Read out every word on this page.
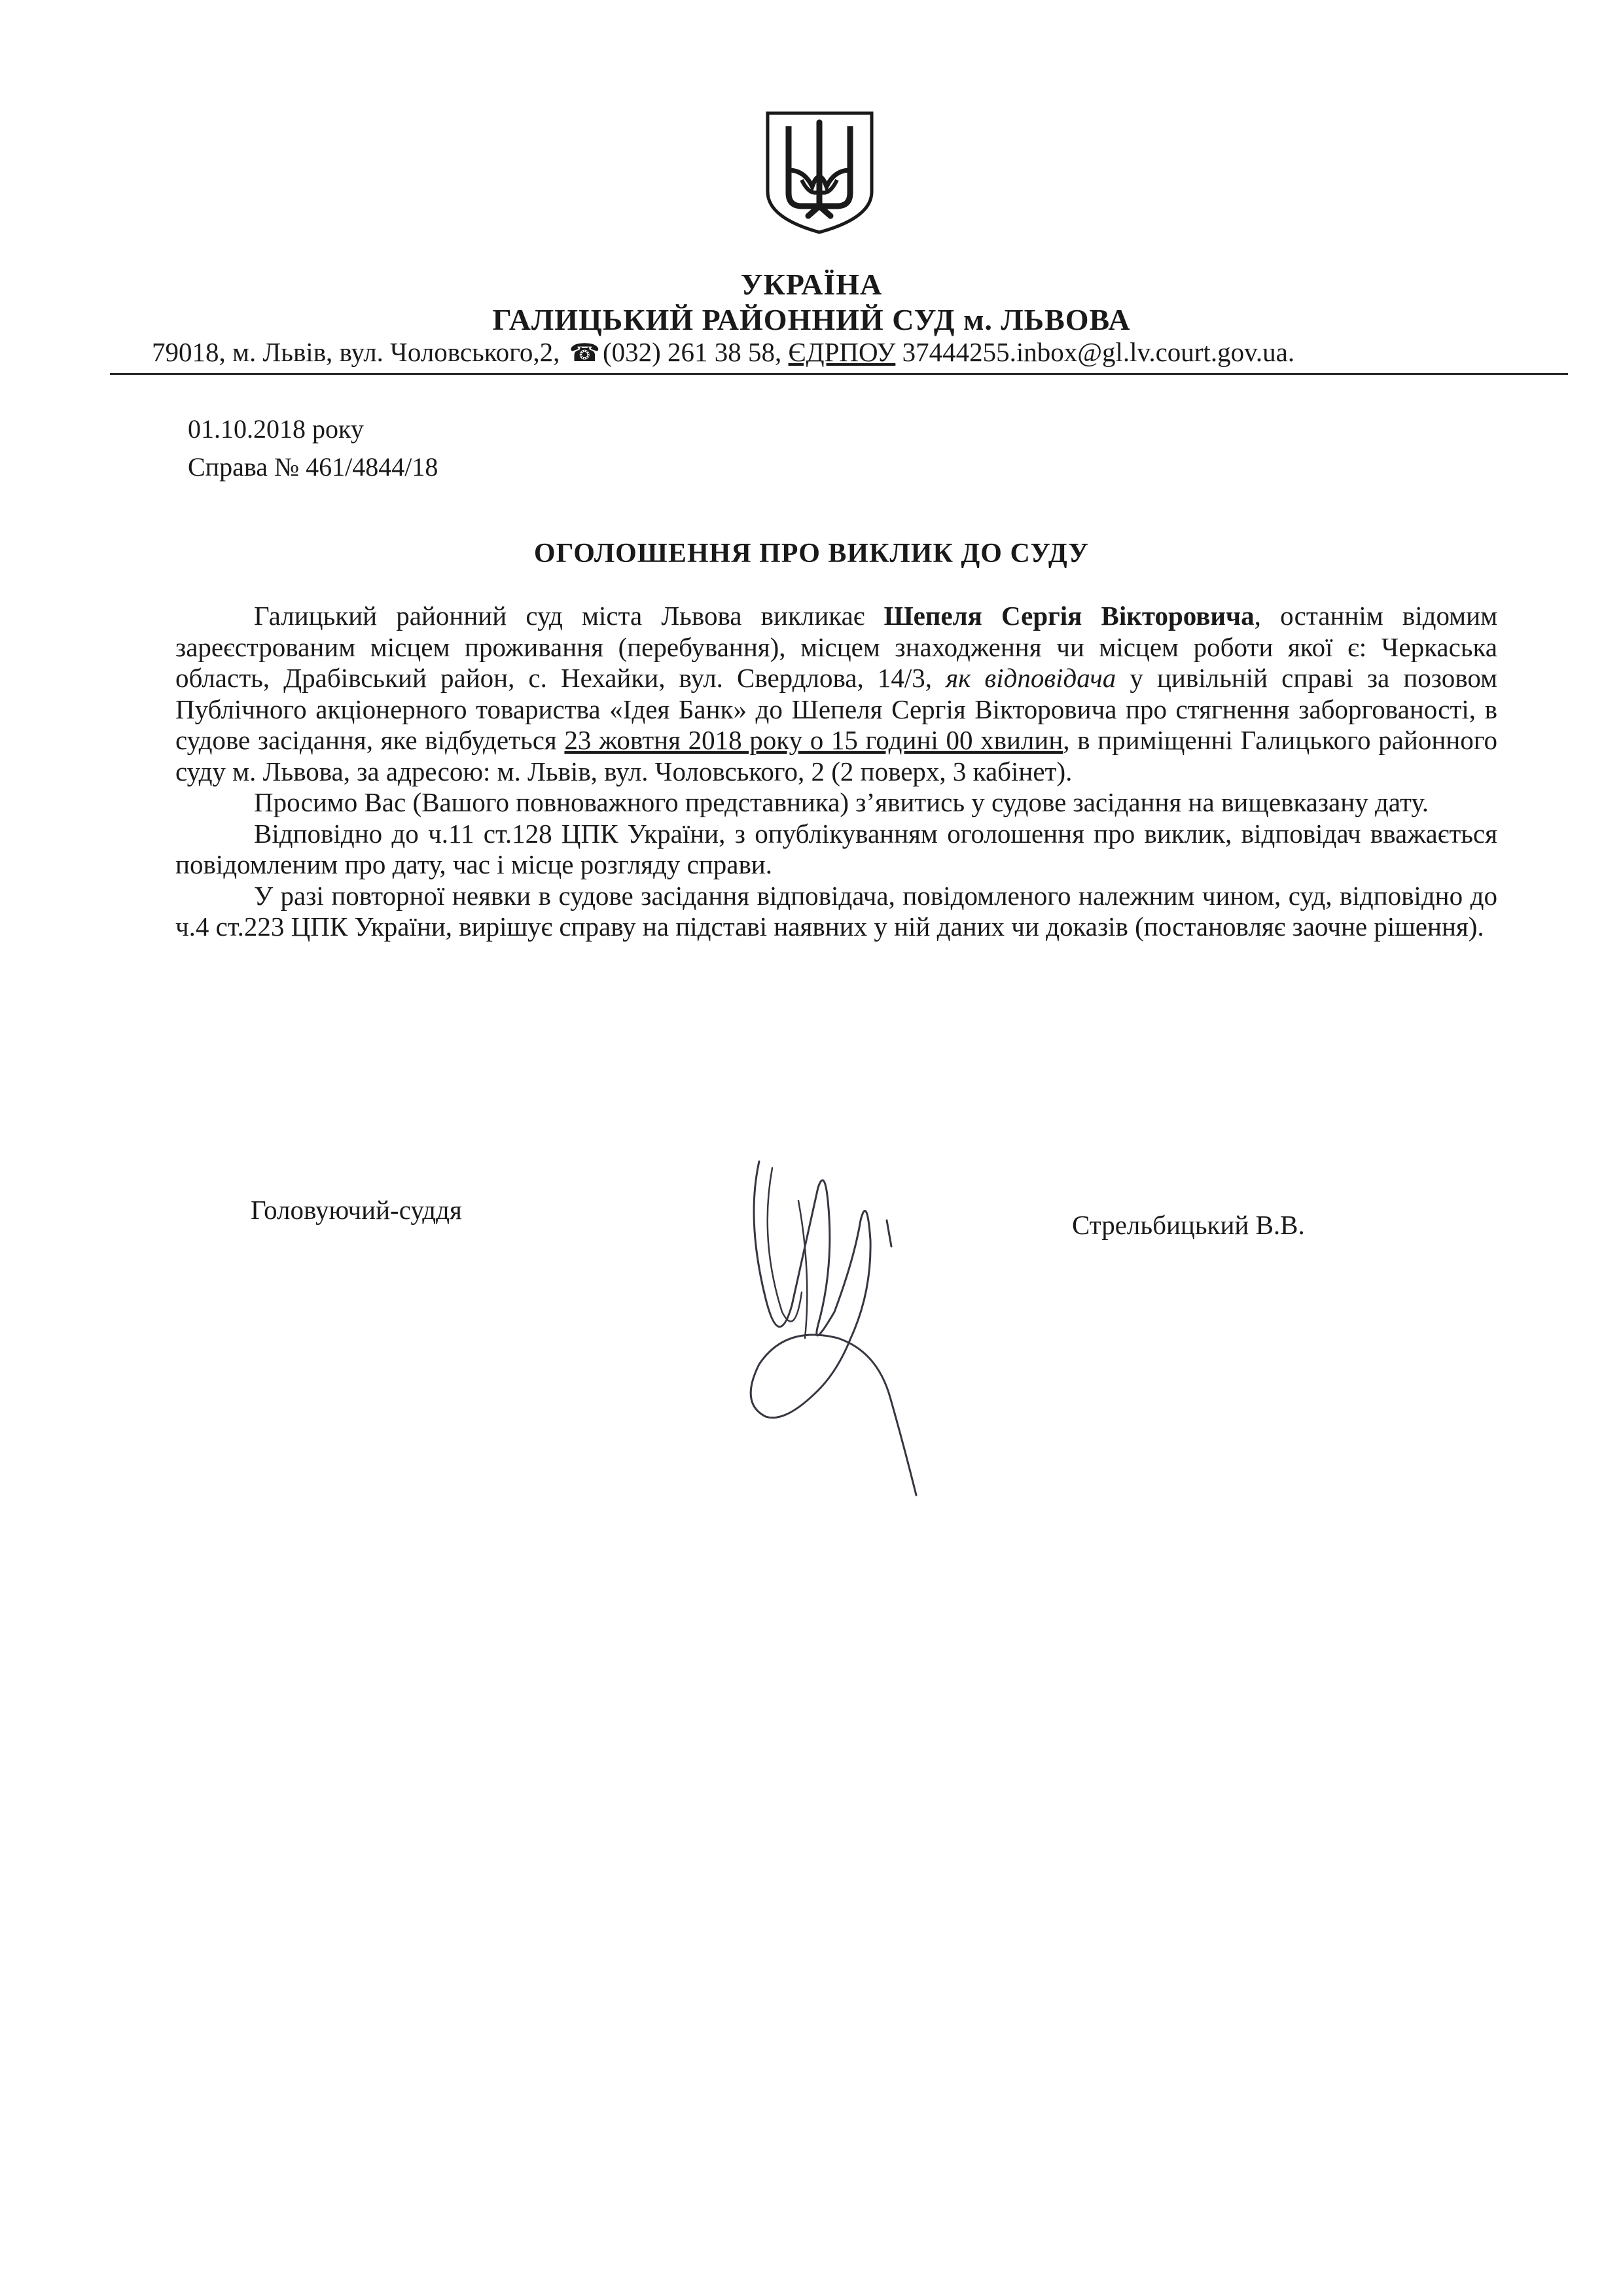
УКРАЇНА
ГАЛИЦЬКИЙ РАЙОННИЙ СУД м. ЛЬВОВА
79018, м. Львів, вул. Чоловського,2, ☎(032) 261 38 58, ЄДРПОУ 37444255.inbox@gl.lv.court.gov.ua.
01.10.2018 року
Справа № 461/4844/18
ОГОЛОШЕННЯ ПРО ВИКЛИК ДО СУДУ

Галицький районний суд міста Львова викликає Шепеля Сергія Вікторовича, останнім відомим зареєстрованим місцем проживання (перебування), місцем знаходження чи місцем роботи якої є: Черкаська область, Драбівський район, с. Нехайки, вул. Свердлова, 14/3, як відповідача у цивільній справі за позовом Публічного акціонерного товариства «Ідея Банк» до Шепеля Сергія Вікторовича про стягнення заборгованості, в судове засідання, яке відбудеться 23 жовтня 2018 року о 15 годині 00 хвилин, в приміщенні Галицького районного суду м. Львова, за адресою: м. Львів, вул. Чоловського, 2 (2 поверх, 3 кабінет).

Просимо Вас (Вашого повноважного представника) з’явитись у судове засідання на вищевказану дату.

Відповідно до ч.11 ст.128 ЦПК України, з опублікуванням оголошення про виклик, відповідач вважається повідомленим про дату, час і місце розгляду справи.

У разі повторної неявки в судове засідання відповідача, повідомленого належним чином, суд, відповідно до ч.4 ст.223 ЦПК України, вирішує справу на підставі наявних у ній даних чи доказів (постановляє заочне рішення).

Головуючий-суддя	Стрельбицький В.В.
